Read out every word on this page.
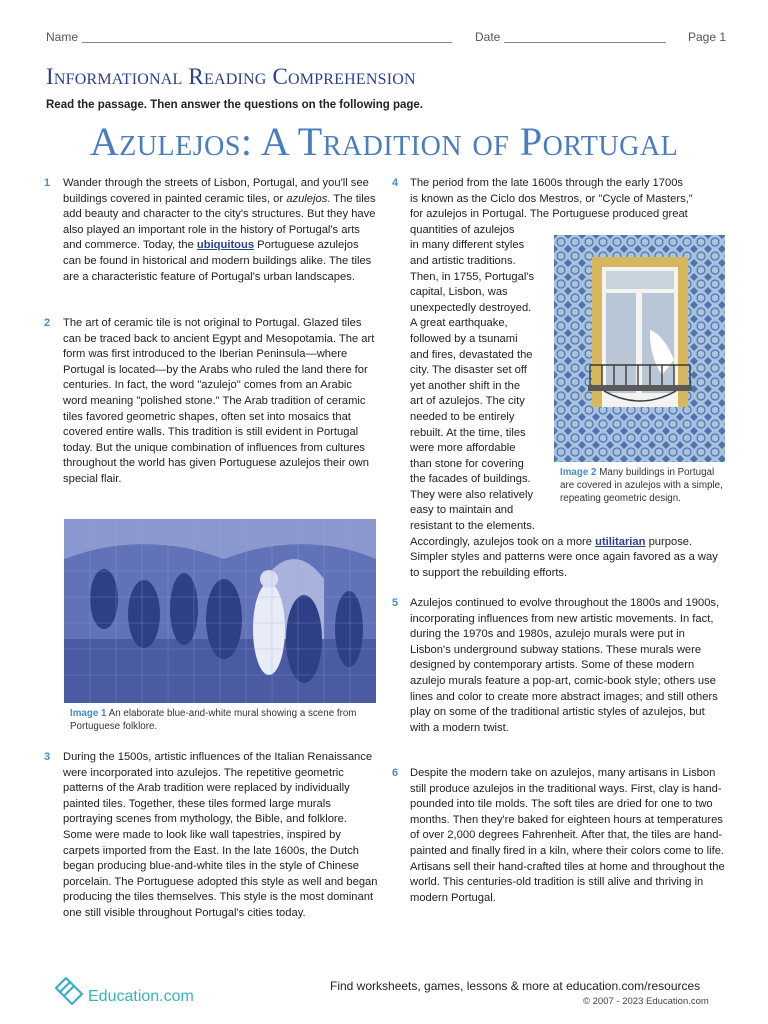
Name	Date	Page 1
Informational Reading Comprehension
Read the passage. Then answer the questions on the following page.
Azulejos: A Tradition of Portugal
1 Wander through the streets of Lisbon, Portugal, and you'll see buildings covered in painted ceramic tiles, or azulejos. The tiles add beauty and character to the city's structures. But they have also played an important role in the history of Portugal's arts and commerce. Today, the ubiquitous Portuguese azulejos can be found in historical and modern buildings alike. The tiles are a characteristic feature of Portugal's urban landscapes.

2 The art of ceramic tile is not original to Portugal. Glazed tiles can be traced back to ancient Egypt and Mesopotamia. The art form was first introduced to the Iberian Peninsula—where Portugal is located—by the Arabs who ruled the land there for centuries. In fact, the word "azulejo" comes from an Arabic word meaning "polished stone." The Arab tradition of ceramic tiles favored geometric shapes, often set into mosaics that covered entire walls. This tradition is still evident in Portugal today. But the unique combination of influences from cultures throughout the world has given Portuguese azulejos their own special flair.

Image 1 An elaborate blue-and-white mural showing a scene from Portuguese folklore.
3 During the 1500s, artistic influences of the Italian Renaissance were incorporated into azulejos. The repetitive geometric patterns of the Arab tradition were replaced by individually painted tiles. Together, these tiles formed large murals portraying scenes from mythology, the Bible, and folklore. Some were made to look like wall tapestries, inspired by carpets imported from the East. In the late 1600s, the Dutch began producing blue-and-white tiles in the style of Chinese porcelain. The Portuguese adopted this style as well and began producing the tiles themselves. This style is the most dominant one still visible throughout Portugal's cities today.

4 The period from the late 1600s through the early 1700s
is known as the Ciclo dos Mestros, or "Cycle of Masters,"
for azulejos in Portugal. The Portuguese produced great
quantities of azulejos
in many different styles
and artistic traditions.
Then, in 1755, Portugal's
capital, Lisbon, was
unexpectedly destroyed.
A great earthquake,
followed by a tsunami
and fires, devastated the
city. The disaster set off
yet another shift in the
art of azulejos. The city
needed to be entirely
rebuilt. At the time, tiles
were more affordable
than stone for covering
the facades of buildings.
They were also relatively
easy to maintain and
resistant to the elements.
Accordingly, azulejos took on a more utilitarian purpose. Simpler styles and patterns were once again favored as a way to support the rebuilding efforts.
Image 2 Many buildings in Portugal are covered in azulejos with a simple, repeating geometric design.
5 Azulejos continued to evolve throughout the 1800s and 1900s, incorporating influences from new artistic movements. In fact, during the 1970s and 1980s, azulejo murals were put in Lisbon's underground subway stations. These murals were designed by contemporary artists. Some of these modern azulejo murals feature a pop-art, comic-book style; others use lines and color to create more abstract images; and still others play on some of the traditional artistic styles of azulejos, but with a modern twist.

6 Despite the modern take on azulejos, many artisans in Lisbon still produce azulejos in the traditional ways. First, clay is hand-pounded into tile molds. The soft tiles are dried for one to two months. Then they're baked for eighteen hours at temperatures of over 2,000 degrees Fahrenheit. After that, the tiles are hand-painted and finally fired in a kiln, where their colors come to life. Artisans sell their hand-crafted tiles at home and throughout the world. This centuries-old tradition is still alive and thriving in modern Portugal.

Education.com
Find worksheets, games, lessons & more at education.com/resources
© 2007 - 2023 Education.com
